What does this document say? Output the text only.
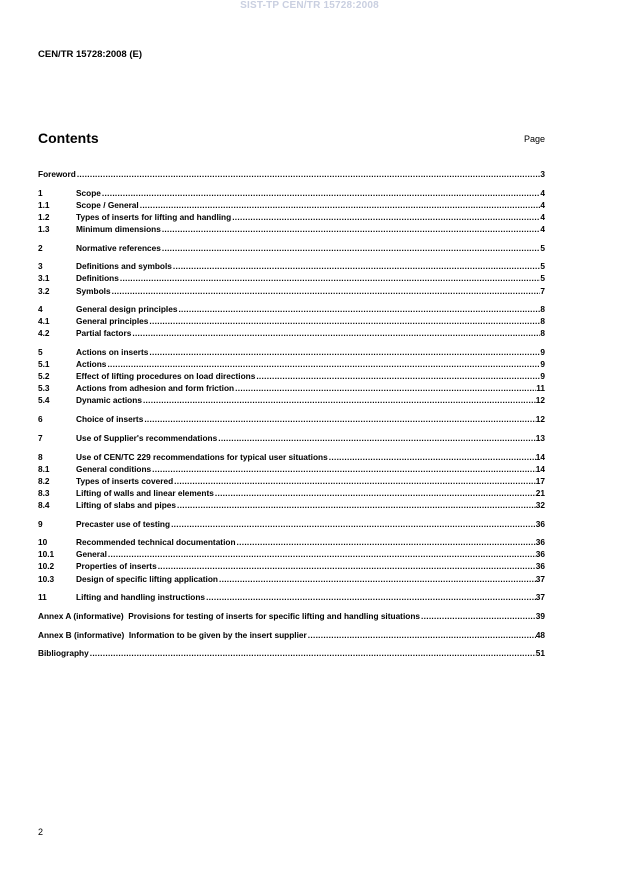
SIST-TP CEN/TR 15728:2008
CEN/TR 15728:2008 (E)
Contents	Page
Foreword .....	3
1	Scope .....	4
1.1	Scope / General .....	4
1.2	Types of inserts for lifting and handling .....	4
1.3	Minimum dimensions .....	4
2	Normative references .....	5
3	Definitions and symbols .....	5
3.1	Definitions .....	5
3.2	Symbols .....	7
4	General design principles .....	8
4.1	General principles .....	8
4.2	Partial factors .....	8
5	Actions on inserts .....	9
5.1	Actions .....	9
5.2	Effect of lifting procedures on load directions .....	9
5.3	Actions from adhesion and form friction .....	11
5.4	Dynamic actions .....	12
6	Choice of inserts .....	12
7	Use of Supplier's recommendations .....	13
8	Use of CEN/TC 229 recommendations for typical user situations .....	14
8.1	General conditions .....	14
8.2	Types of inserts covered .....	17
8.3	Lifting of walls and linear elements .....	21
8.4	Lifting of slabs and pipes .....	32
9	Precaster use of testing .....	36
10	Recommended technical documentation .....	36
10.1	General .....	36
10.2	Properties of inserts .....	36
10.3	Design of specific lifting application .....	37
11	Lifting and handling instructions .....	37
Annex A (informative)  Provisions for testing of inserts for specific lifting and handling situations .....	39
Annex B (informative)  Information to be given by the insert supplier .....	48
Bibliography .....	51
2
